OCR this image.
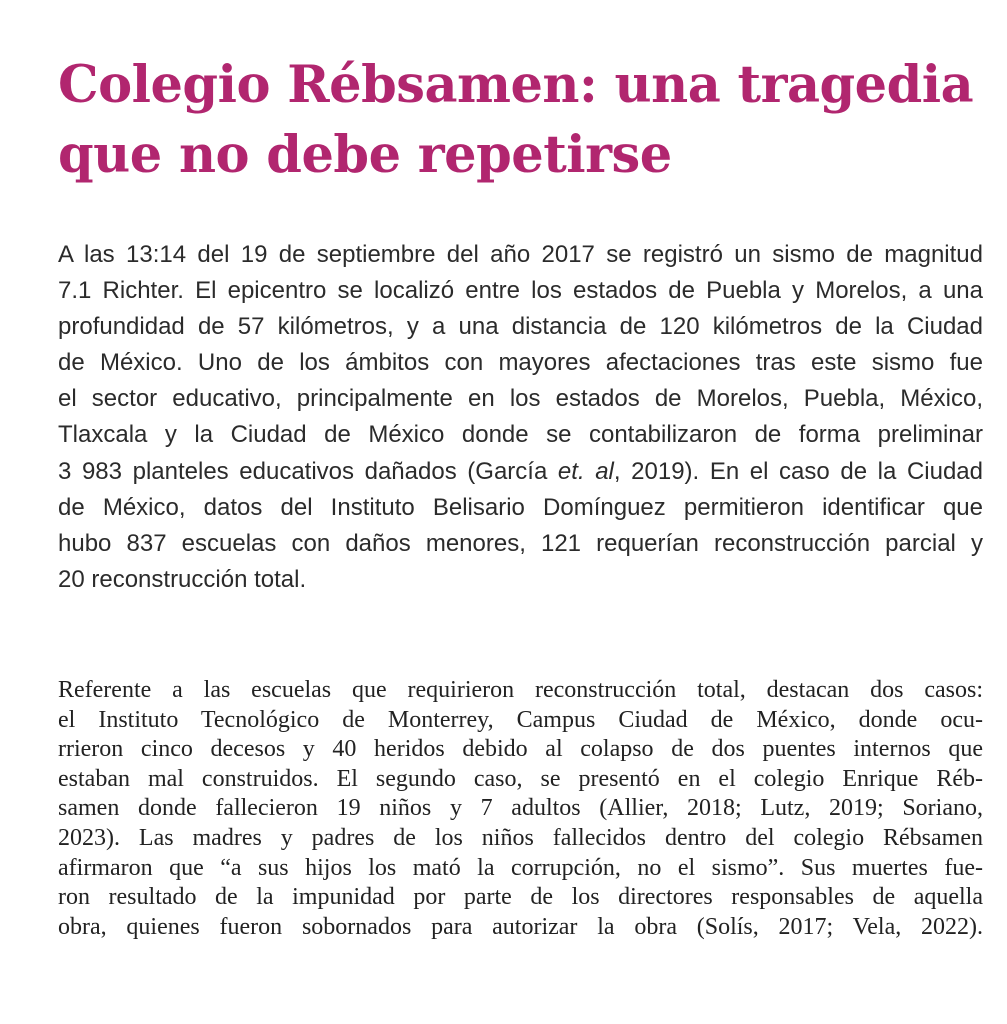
Colegio Rébsamen: una tragedia
que no debe repetirse

A las 13:14 del 19 de septiembre del año 2017 se registró un sismo de magnitud
7.1 Richter. El epicentro se localizó entre los estados de Puebla y Morelos, a una
profundidad de 57 kilómetros, y a una distancia de 120 kilómetros de la Ciudad
de México. Uno de los ámbitos con mayores afectaciones tras este sismo fue
el sector educativo, principalmente en los estados de Morelos, Puebla, México,
Tlaxcala y la Ciudad de México donde se contabilizaron de forma preliminar
3 983 planteles educativos dañados (García et. al, 2019). En el caso de la Ciudad
de México, datos del Instituto Belisario Domínguez permitieron identificar que
hubo 837 escuelas con daños menores, 121 requerían reconstrucción parcial y
20 reconstrucción total.

Referente a las escuelas que requirieron reconstrucción total, destacan dos casos:
el Instituto Tecnológico de Monterrey, Campus Ciudad de México, donde ocu-
rrieron cinco decesos y 40 heridos debido al colapso de dos puentes internos que
estaban mal construidos. El segundo caso, se presentó en el colegio Enrique Réb-
samen donde fallecieron 19 niños y 7 adultos (Allier, 2018; Lutz, 2019; Soriano,
2023). Las madres y padres de los niños fallecidos dentro del colegio Rébsamen
afirmaron que “a sus hijos los mató la corrupción, no el sismo”. Sus muertes fue-
ron resultado de la impunidad por parte de los directores responsables de aquella
obra, quienes fueron sobornados para autorizar la obra (Solís, 2017; Vela, 2022).
